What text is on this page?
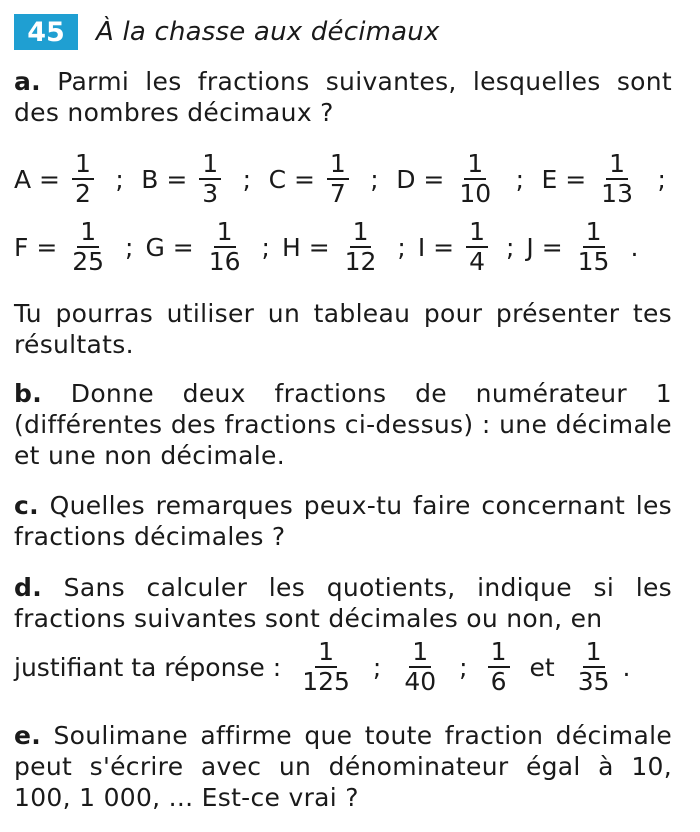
45	À la chasse aux décimaux
a. Parmi les fractions suivantes, lesquelles sont des nombres décimaux ?
$A = \frac{1}{2}$ ; $B = \frac{1}{3}$ ; $C = \frac{1}{7}$ ; $D = \frac{1}{10}$ ; $E = \frac{1}{13}$ ;
$F = \frac{1}{25}$ ; $G = \frac{1}{16}$ ; $H = \frac{1}{12}$ ; $I = \frac{1}{4}$ ; $J = \frac{1}{15}$ .
Tu pourras utiliser un tableau pour présenter tes résultats.
b. Donne deux fractions de numérateur 1 (différentes des fractions ci-dessus) : une décimale et une non décimale.
c. Quelles remarques peux-tu faire concernant les fractions décimales ?
d. Sans calculer les quotients, indique si les fractions suivantes sont décimales ou non, en
justifiant ta réponse : $\frac{1}{125}$ ; $\frac{1}{40}$ ; $\frac{1}{6}$ et $\frac{1}{35}$ .
e. Soulimane affirme que toute fraction décimale peut s'écrire avec un dénominateur égal à 10, 100, 1 000, ... Est-ce vrai ?
